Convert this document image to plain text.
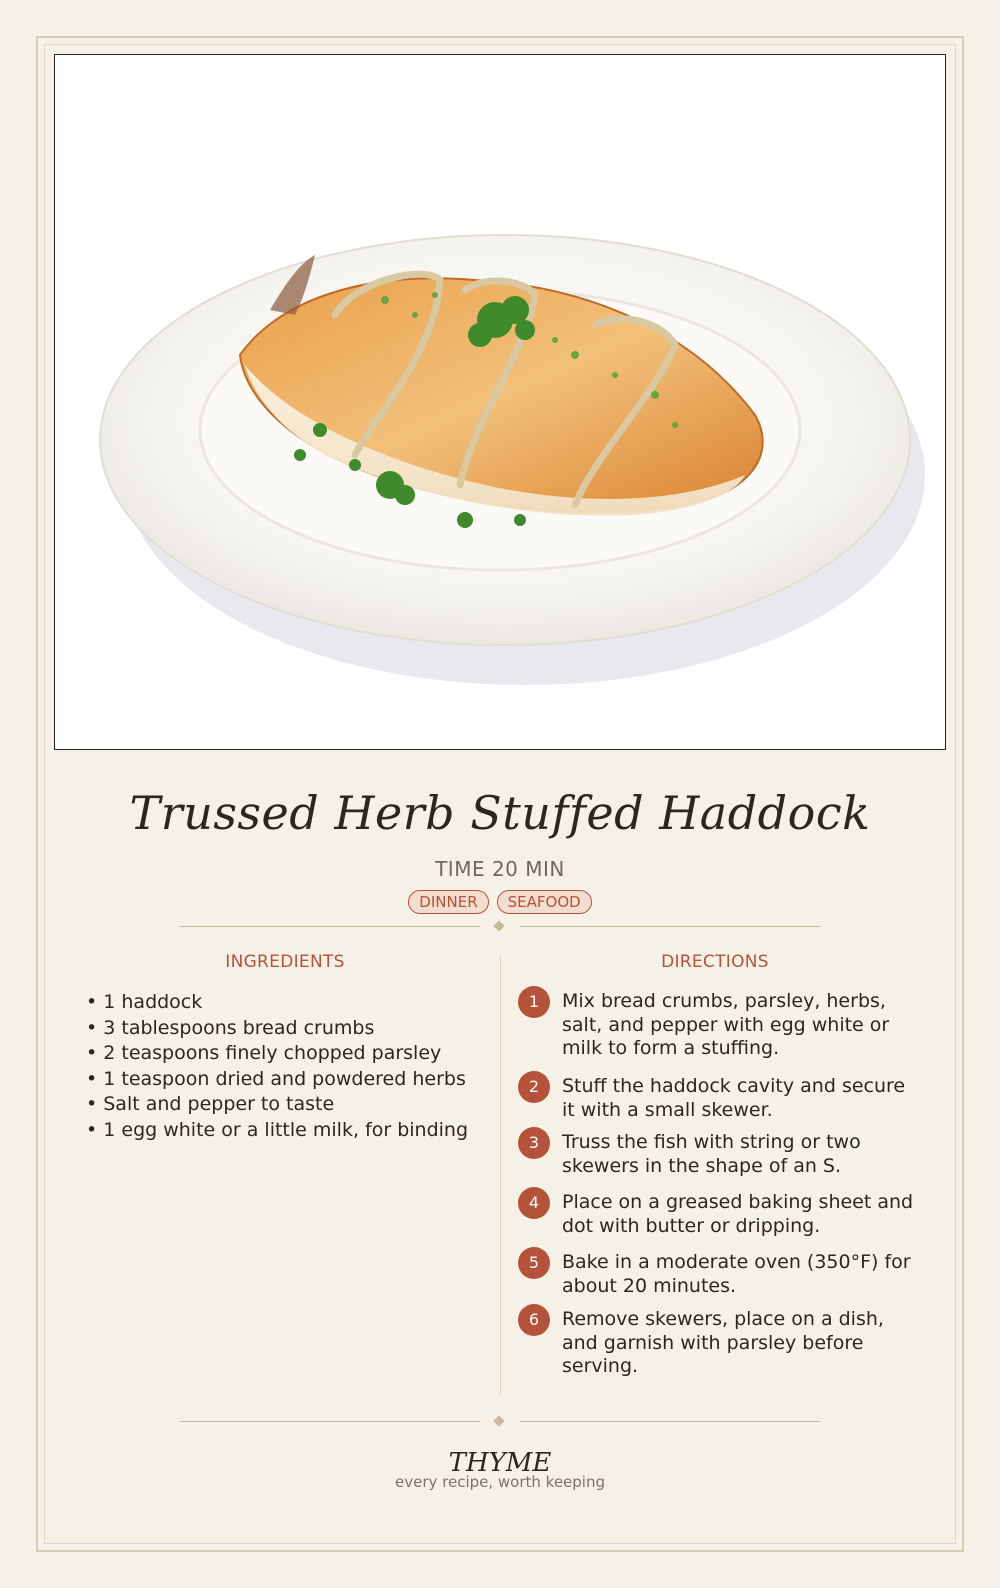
Trussed Herb Stuffed Haddock
TIME 20 MIN
DINNER	SEAFOOD
INGREDIENTS	DIRECTIONS
• 1 haddock
• 3 tablespoons bread crumbs
• 2 teaspoons finely chopped parsley
• 1 teaspoon dried and powdered herbs
• Salt and pepper to taste
• 1 egg white or a little milk, for binding
1	Mix bread crumbs, parsley, herbs, salt, and pepper with egg white or milk to form a stuffing.
2	Stuff the haddock cavity and secure it with a small skewer.
3	Truss the fish with string or two skewers in the shape of an S.
4	Place on a greased baking sheet and dot with butter or dripping.
5	Bake in a moderate oven (350°F) for about 20 minutes.
6	Remove skewers, place on a dish, and garnish with parsley before serving.
THYME
every recipe, worth keeping
